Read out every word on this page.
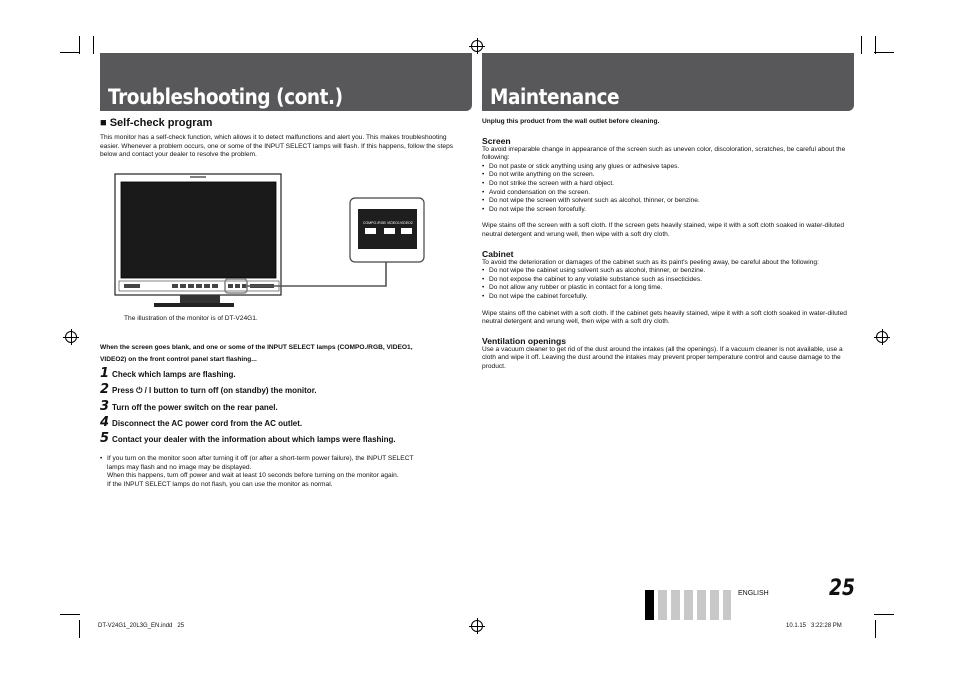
Troubleshooting (cont.)	Maintenance
■ Self-check program
This monitor has a self-check function, which allows it to detect malfunctions and alert you. This makes troubleshooting easier. Whenever a problem occurs, one or some of the INPUT SELECT lamps will flash. If this happens, follow the steps below and contact your dealer to resolve the problem.
COMPO./RGB VIDEO1 VIDEO2
The illustration of the monitor is of DT-V24G1.
When the screen goes blank, and one or some of the INPUT SELECT lamps (COMPO./RGB, VIDEO1,
VIDEO2) on the front control panel start flashing...
1 Check which lamps are flashing.
2 Press ⏻ / I button to turn off (on standby) the monitor.
3 Turn off the power switch on the rear panel.
4 Disconnect the AC power cord from the AC outlet.
5 Contact your dealer with the information about which lamps were flashing.
• If you turn on the monitor soon after turning it off (or after a short-term power failure), the INPUT SELECT
lamps may flash and no image may be displayed.
When this happens, turn off power and wait at least 10 seconds before turning on the monitor again.
If the INPUT SELECT lamps do not flash, you can use the monitor as normal.
Unplug this product from the wall outlet before cleaning.
Screen
To avoid irreparable change in appearance of the screen such as uneven color, discoloration, scratches, be careful about the following:
• Do not paste or stick anything using any glues or adhesive tapes.
• Do not write anything on the screen.
• Do not strike the screen with a hard object.
• Avoid condensation on the screen.
• Do not wipe the screen with solvent such as alcohol, thinner, or benzine.
• Do not wipe the screen forcefully.
Wipe stains off the screen with a soft cloth. If the screen gets heavily stained, wipe it with a soft cloth soaked in water-diluted neutral detergent and wrung well, then wipe with a soft dry cloth.
Cabinet
To avoid the deterioration or damages of the cabinet such as its paint's peeling away, be careful about the following:
• Do not wipe the cabinet using solvent such as alcohol, thinner, or benzine.
• Do not expose the cabinet to any volatile substance such as insecticides.
• Do not allow any rubber or plastic in contact for a long time.
• Do not wipe the cabinet forcefully.
Wipe stains off the cabinet with a soft cloth. If the cabinet gets heavily stained, wipe it with a soft cloth soaked in water-diluted neutral detergent and wrung well, then wipe with a soft dry cloth.
Ventilation openings
Use a vacuum cleaner to get rid of the dust around the intakes (all the openings). If a vacuum cleaner is not available, use a cloth and wipe it off. Leaving the dust around the intakes may prevent proper temperature control and cause damage to the product.
ENGLISH	25
DT-V24G1_20L3G_EN.indd   25	10.1.15   3:22:28 PM
